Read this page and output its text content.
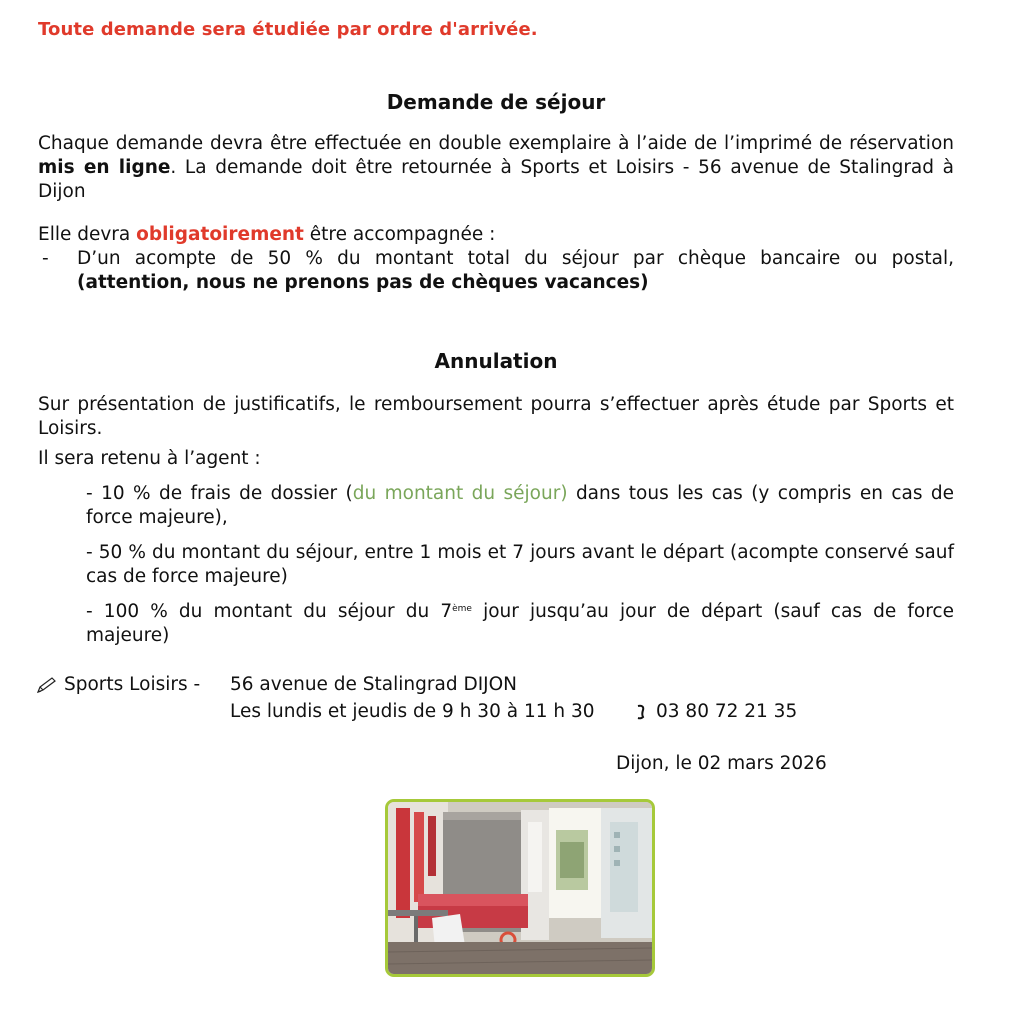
Toute demande sera étudiée par ordre d'arrivée.
Demande de séjour
Chaque demande devra être effectuée en double exemplaire à l’aide de l’imprimé de réservation mis en ligne. La demande doit être retournée à Sports et Loisirs - 56 avenue de Stalingrad à Dijon
Elle devra obligatoirement être accompagnée :
- D’un acompte de 50 % du montant total du séjour par chèque bancaire ou postal, (attention, nous ne prenons pas de chèques vacances)
Annulation
Sur présentation de justificatifs, le remboursement pourra s’effectuer après étude par Sports et Loisirs.
Il sera retenu à l’agent :
- 10 % de frais de dossier (du montant du séjour) dans tous les cas (y compris en cas de force majeure),
- 50 % du montant du séjour, entre 1 mois et 7 jours avant le départ (acompte conservé sauf cas de force majeure)
- 100 % du montant du séjour du 7ème jour jusqu’au jour de départ (sauf cas de force majeure)
Sports Loisirs - 56 avenue de Stalingrad DIJON
Les lundis et jeudis de 9 h 30 à 11 h 30	03 80 72 21 35
Dijon, le 02 mars 2026
